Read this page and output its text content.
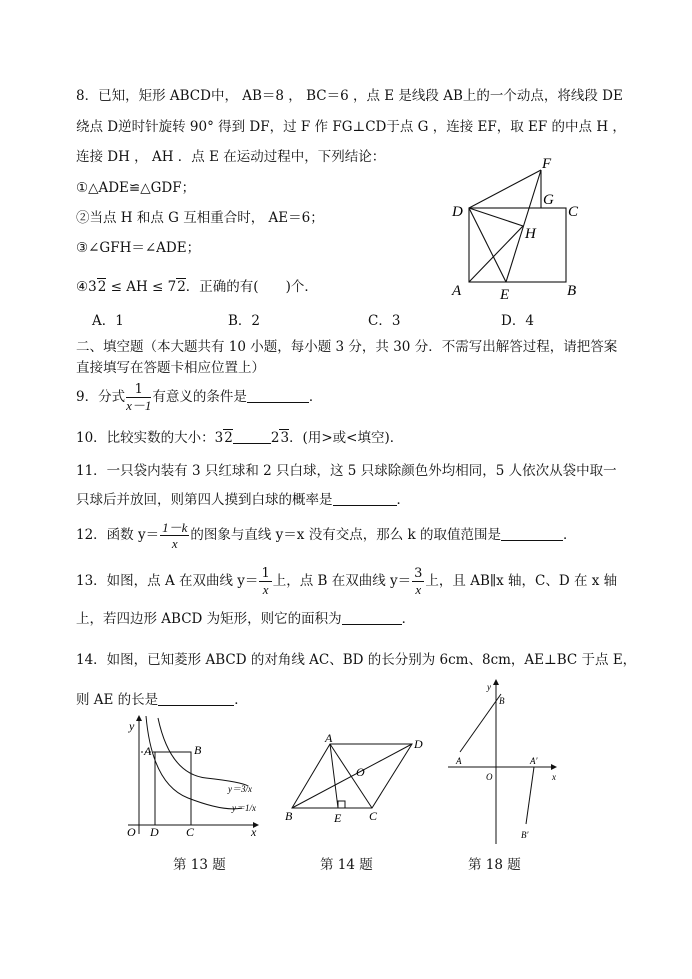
8．已知，矩形 ABCD中， AB＝8 ， BC＝6 ，点 E 是线段 AB上的一个动点，将线段 DE
绕点 D逆时针旋转 90° 得到 DF，过 F 作 FG⊥CD于点 G ，连接 EF，取 EF 的中点 H ，
连接 DH ， AH ．点 E 在运动过程中，下列结论：
①△ADE≌△GDF；
②当点 H 和点 G 互相重合时， AE＝6；
③∠GFH＝∠ADE；
④32 ≤ AH ≤ 72．正确的有(　　)个．
A．1	B．2	C．3	D．4
F
G
C
D
H
A	E	B
二、填空题（本大题共有 10 小题，每小题 3 分，共 30 分．不需写出解答过程，请把答案
直接填写在答题卡相应位置上）
9．分式 $\frac{1}{x-1}$ 有意义的条件是	．
10．比较实数的大小：32	23．(用>或<填空)．
11．一只袋内装有 3 只红球和 2 只白球，这 5 只球除颜色外均相同，5 人依次从袋中取一
只球后并放回，则第四人摸到白球的概率是	．
12．函数 $y= \frac{1-k}{x}$ 的图象与直线 y＝x 没有交点，那么 k 的取值范围是	．
13．如图，点 A 在双曲线 $y= \frac{1}{x}$ 上，点 B 在双曲线 $y= \frac{3}{x}$ 上，且 AB∥x 轴，C、D 在 x 轴
上，若四边形 ABCD 为矩形，则它的面积为	．
14．如图，已知菱形 ABCD 的对角线 AC、BD 的长分别为 6cm、8cm，AE⊥BC 于点 E，
则 AE 的长是	．
y
x
O
A	B
D C
y＝3/x
y＝1/x
A	D
B	E C
O
y
x
O
A
B
A′
B′
第 13 题	第 14 题	第 18 题
